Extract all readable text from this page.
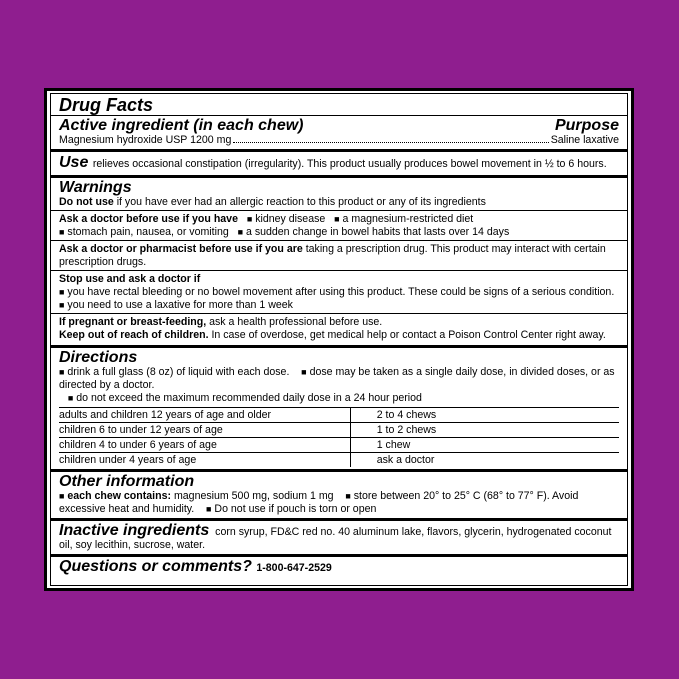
Drug Facts
Active ingredient (in each chew)	Purpose
Magnesium hydroxide USP 1200 mg	Saline laxative
Use relieves occasional constipation (irregularity). This product usually produces bowel movement in ½ to 6 hours.
Warnings
Do not use if you have ever had an allergic reaction to this product or any of its ingredients
Ask a doctor before use if you have ■ kidney disease ■ a magnesium-restricted diet
■ stomach pain, nausea, or vomiting ■ a sudden change in bowel habits that lasts over 14 days
Ask a doctor or pharmacist before use if you are taking a prescription drug. This product may interact with certain prescription drugs.
Stop use and ask a doctor if
■ you have rectal bleeding or no bowel movement after using this product. These could be signs of a serious condition.
■ you need to use a laxative for more than 1 week
If pregnant or breast-feeding, ask a health professional before use.
Keep out of reach of children. In case of overdose, get medical help or contact a Poison Control Center right away.
Directions
■ drink a full glass (8 oz) of liquid with each dose. ■ dose may be taken as a single daily dose, in divided doses, or as directed by a doctor.
■ do not exceed the maximum recommended daily dose in a 24 hour period
adults and children 12 years of age and older	2 to 4 chews
children 6 to under 12 years of age	1 to 2 chews
children 4 to under 6 years of age	1 chew
children under 4 years of age	ask a doctor
Other information
■ each chew contains: magnesium 500 mg, sodium 1 mg ■ store between 20° to 25° C (68° to 77° F). Avoid excessive heat and humidity. ■ Do not use if pouch is torn or open
Inactive ingredients corn syrup, FD&C red no. 40 aluminum lake, flavors, glycerin, hydrogenated coconut oil, soy lecithin, sucrose, water.
Questions or comments? 1-800-647-2529
